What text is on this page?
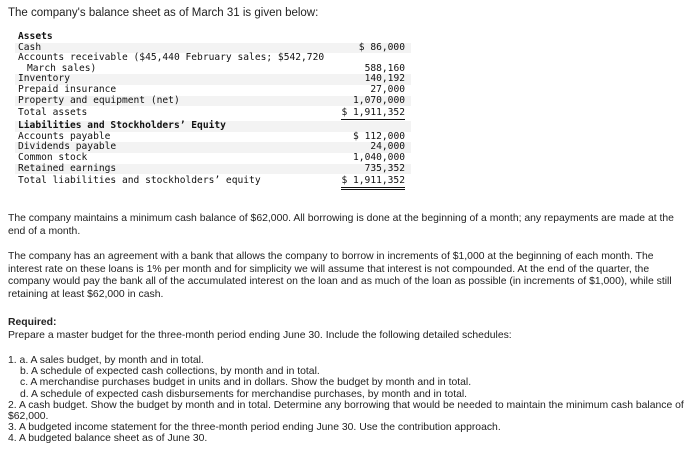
The company's balance sheet as of March 31 is given below:
Assets
Cash	$ 86,000
Accounts receivable ($45,440 February sales; $542,720
March sales)	588,160
Inventory	140,192
Prepaid insurance	27,000
Property and equipment (net)	1,070,000
Total assets	$ 1,911,352
Liabilities and Stockholders’ Equity
Accounts payable	$ 112,000
Dividends payable	24,000
Common stock	1,040,000
Retained earnings	735,352
Total liabilities and stockholders’ equity	$ 1,911,352
The company maintains a minimum cash balance of $62,000. All borrowing is done at the beginning of a month; any repayments are made at the end of a month.
The company has an agreement with a bank that allows the company to borrow in increments of $1,000 at the beginning of each month. The interest rate on these loans is 1% per month and for simplicity we will assume that interest is not compounded. At the end of the quarter, the company would pay the bank all of the accumulated interest on the loan and as much of the loan as possible (in increments of $1,000), while still retaining at least $62,000 in cash.
Required:
Prepare a master budget for the three-month period ending June 30. Include the following detailed schedules:
1. a. A sales budget, by month and in total.
b. A schedule of expected cash collections, by month and in total.
c. A merchandise purchases budget in units and in dollars. Show the budget by month and in total.
d. A schedule of expected cash disbursements for merchandise purchases, by month and in total.
2. A cash budget. Show the budget by month and in total. Determine any borrowing that would be needed to maintain the minimum cash balance of $62,000.
3. A budgeted income statement for the three-month period ending June 30. Use the contribution approach.
4. A budgeted balance sheet as of June 30.
